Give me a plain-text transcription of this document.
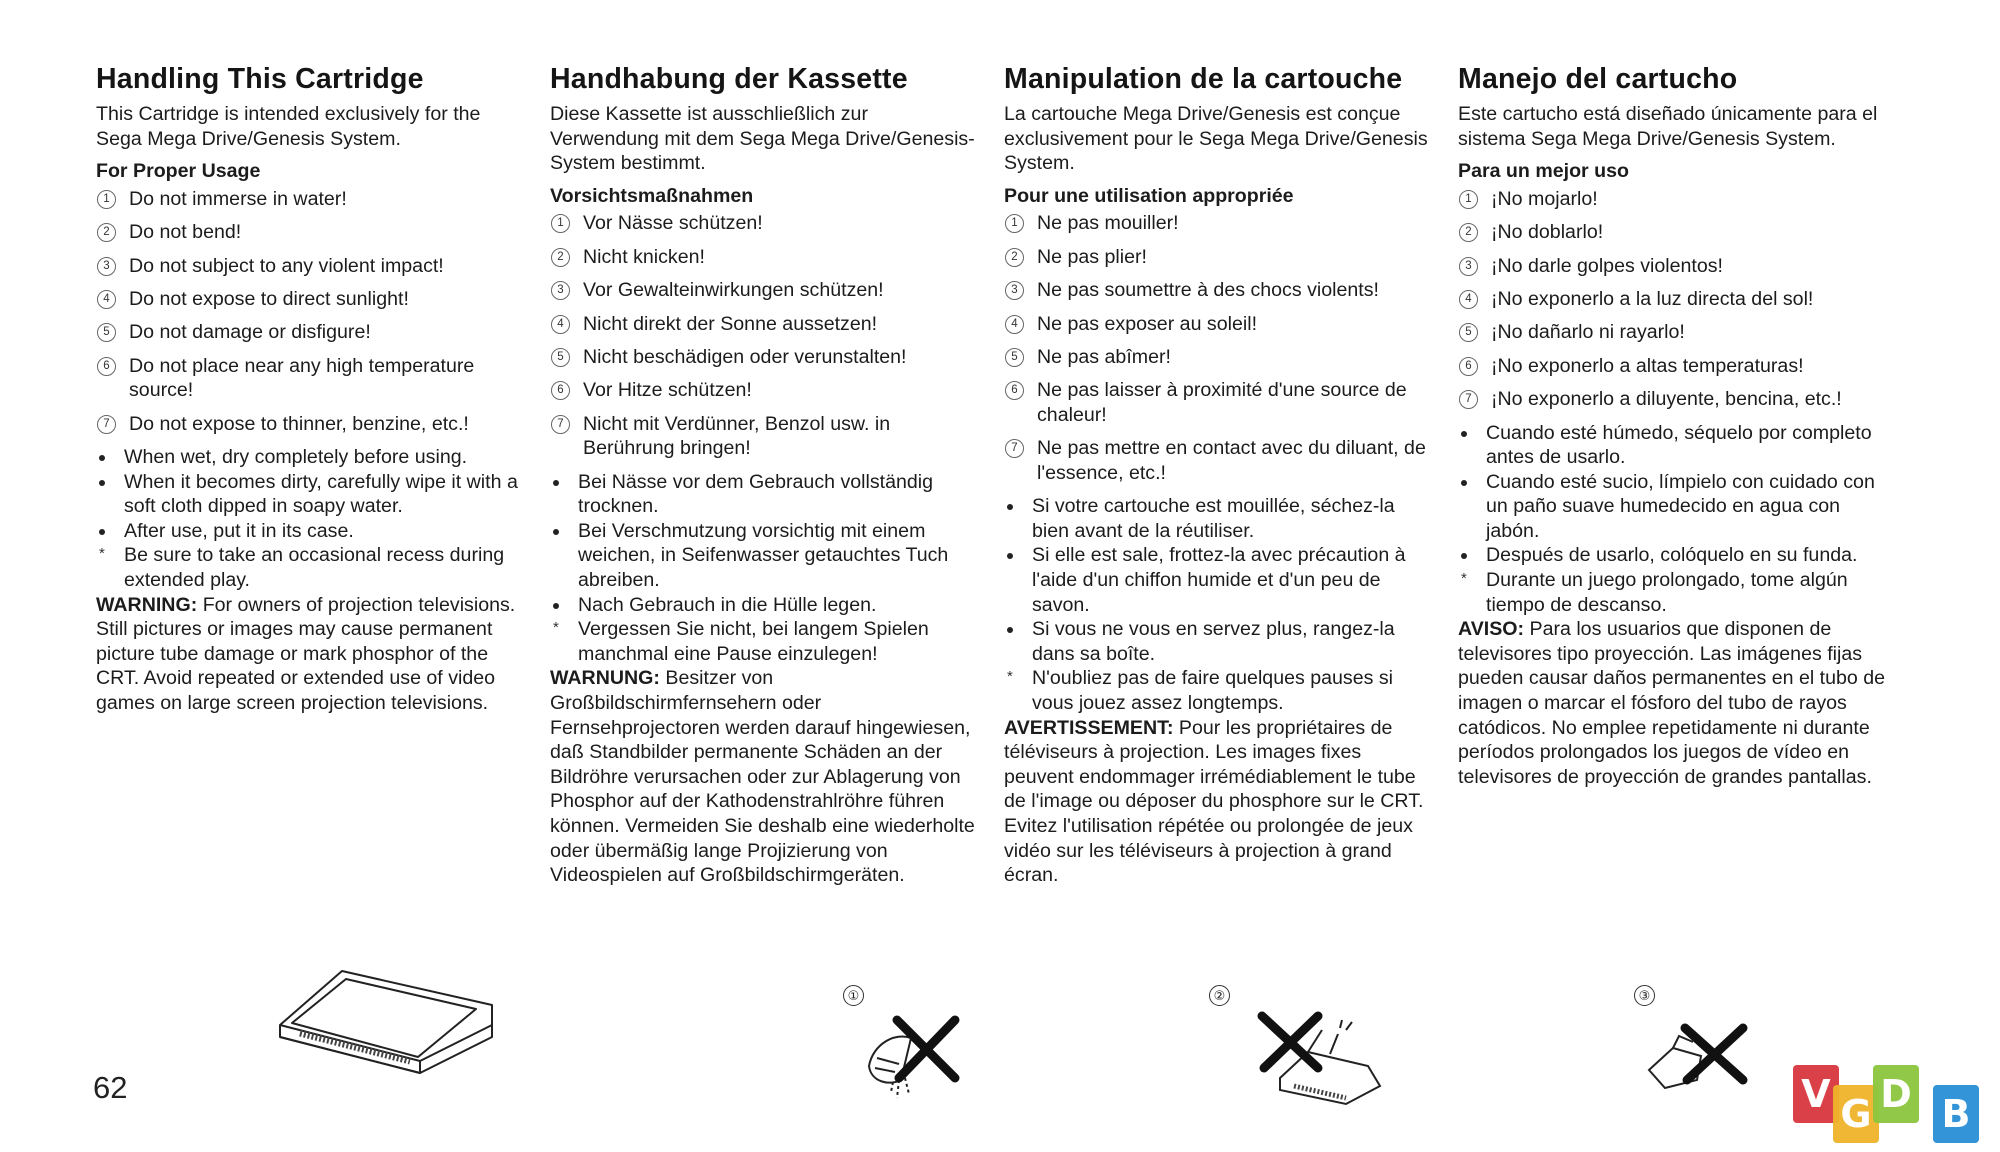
Handling This Cartridge

This Cartridge is intended exclusively for the Sega Mega Drive/Genesis System.

For Proper Usage
1 Do not immerse in water!
2 Do not bend!
3 Do not subject to any violent impact!
4 Do not expose to direct sunlight!
5 Do not damage or disfigure!
6 Do not place near any high temperature source!
7 Do not expose to thinner, benzine, etc.!
When wet, dry completely before using.
When it becomes dirty, carefully wipe it with a soft cloth dipped in soapy water.
After use, put it in its case.

* Be sure to take an occasional recess during extended play.

WARNING: For owners of projection televisions. Still pictures or images may cause permanent picture tube damage or mark phosphor of the CRT. Avoid repeated or extended use of video games on large screen projection televisions.

Handhabung der Kassette

Diese Kassette ist ausschließlich zur Verwendung mit dem Sega Mega Drive/Genesis-System bestimmt.

Vorsichtsmaßnahmen
1 Vor Nässe schützen!
2 Nicht knicken!
3 Vor Gewalteinwirkungen schützen!
4 Nicht direkt der Sonne aussetzen!
5 Nicht beschädigen oder verunstalten!
6 Vor Hitze schützen!
7 Nicht mit Verdünner, Benzol usw. in Berührung bringen!
Bei Nässe vor dem Gebrauch vollständig trocknen.
Bei Verschmutzung vorsichtig mit einem weichen, in Seifenwasser getauchtes Tuch abreiben.
Nach Gebrauch in die Hülle legen.

* Vergessen Sie nicht, bei langem Spielen manchmal eine Pause einzulegen!

WARNUNG: Besitzer von Großbildschirmfernsehern oder Fernsehprojectoren werden darauf hingewiesen, daß Standbilder permanente Schäden an der Bildröhre verursachen oder zur Ablagerung von Phosphor auf der Kathodenstrahlröhre führen können. Vermeiden Sie deshalb eine wiederholte oder übermäßig lange Projizierung von Videospielen auf Großbildschirmgeräten.

Manipulation de la cartouche

La cartouche Mega Drive/Genesis est conçue exclusivement pour le Sega Mega Drive/Genesis System.

Pour une utilisation appropriée
1 Ne pas mouiller!
2 Ne pas plier!
3 Ne pas soumettre à des chocs violents!
4 Ne pas exposer au soleil!
5 Ne pas abîmer!
6 Ne pas laisser à proximité d'une source de chaleur!
7 Ne pas mettre en contact avec du diluant, de l'essence, etc.!
Si votre cartouche est mouillée, séchez-la bien avant de la réutiliser.
Si elle est sale, frottez-la avec précaution à l'aide d'un chiffon humide et d'un peu de savon.
Si vous ne vous en servez plus, rangez-la dans sa boîte.

* N'oubliez pas de faire quelques pauses si vous jouez assez longtemps.

AVERTISSEMENT: Pour les propriétaires de téléviseurs à projection. Les images fixes peuvent endommager irrémédiablement le tube de l'image ou déposer du phosphore sur le CRT. Evitez l'utilisation répétée ou prolongée de jeux vidéo sur les téléviseurs à projection à grand écran.

Manejo del cartucho

Este cartucho está diseñado únicamente para el sistema Sega Mega Drive/Genesis System.

Para un mejor uso
1 ¡No mojarlo!
2 ¡No doblarlo!
3 ¡No darle golpes violentos!
4 ¡No exponerlo a la luz directa del sol!
5 ¡No dañarlo ni rayarlo!
6 ¡No exponerlo a altas temperaturas!
7 ¡No exponerlo a diluyente, bencina, etc.!
Cuando esté húmedo, séquelo por completo antes de usarlo.
Cuando esté sucio, límpielo con cuidado con un paño suave humedecido en agua con jabón.
Después de usarlo, colóquelo en su funda.

* Durante un juego prolongado, tome algún tiempo de descanso.

AVISO: Para los usuarios que disponen de televisores tipo proyección. Las imágenes fijas pueden causar daños permanentes en el tubo de imagen o marcar el fósforo del tubo de rayos catódicos. No emplee repetidamente ni durante períodos prolongados los juegos de vídeo en televisores de proyección de grandes pantallas.

62
①	②	③
V G D B
